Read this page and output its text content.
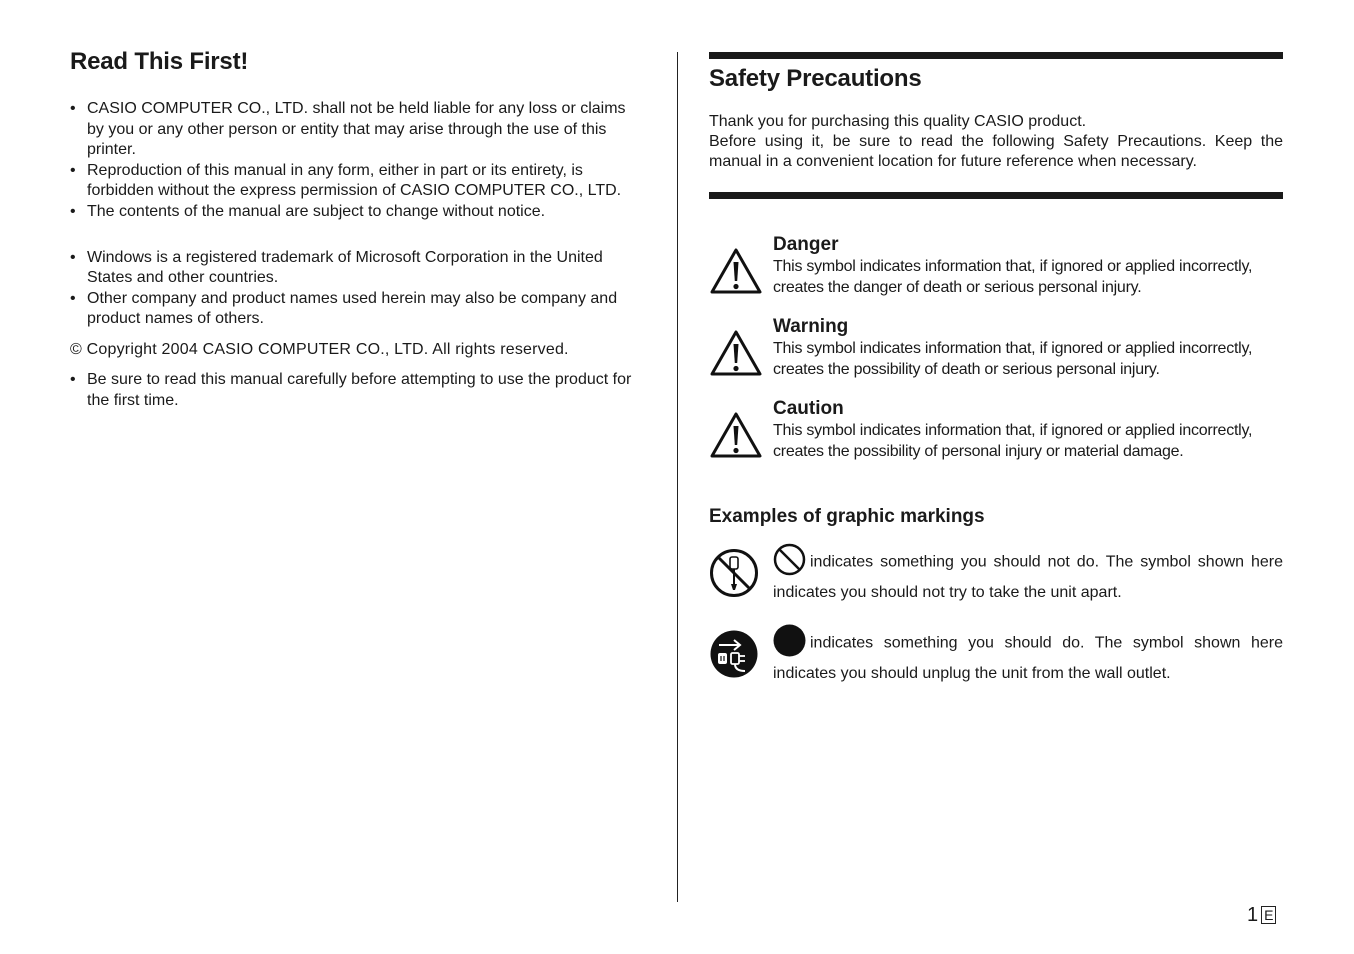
Read This First!
• CASIO COMPUTER CO., LTD. shall not be held liable for any loss or claims by you or any other person or entity that may arise through the use of this printer.
• Reproduction of this manual in any form, either in part or its entirety, is forbidden without the express permission of CASIO COMPUTER CO., LTD.
• The contents of the manual are subject to change without notice.
• Windows is a registered trademark of Microsoft Corporation in the United States and other countries.
• Other company and product names used herein may also be company and product names of others.
© Copyright 2004 CASIO COMPUTER CO., LTD. All rights reserved.
• Be sure to read this manual carefully before attempting to use the product for the first time.
Safety Precautions
Thank you for purchasing this quality CASIO product.
Before using it, be sure to read the following Safety Precautions. Keep the manual in a convenient location for future reference when necessary.
Danger
This symbol indicates information that, if ignored or applied incorrectly, creates the danger of death or serious personal injury.
Warning
This symbol indicates information that, if ignored or applied incorrectly, creates the possibility of death or serious personal injury.
Caution
This symbol indicates information that, if ignored or applied incorrectly, creates the possibility of personal injury or material damage.
Examples of graphic markings
indicates something you should not do. The symbol shown here indicates you should not try to take the unit apart.
indicates something you should do. The symbol shown here indicates you should unplug the unit from the wall outlet.
1 E
